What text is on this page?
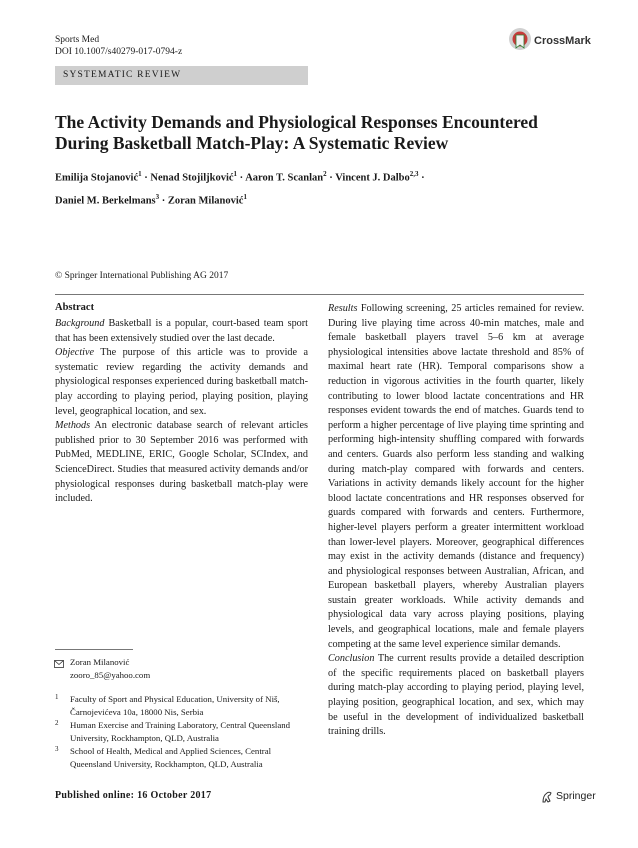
Sports Med
DOI 10.1007/s40279-017-0794-z
CrossMark
SYSTEMATIC REVIEW
The Activity Demands and Physiological Responses Encountered
During Basketball Match-Play: A Systematic Review
Emilija Stojanović$^1$ · Nenad Stojiljković$^1$ · Aaron T. Scanlan$^2$ · Vincent J. Dalbo$^{2,3}$ ·
Daniel M. Berkelmans$^3$ · Zoran Milanović$^1$
© Springer International Publishing AG 2017
Abstract

Background Basketball is a popular, court-based team sport that has been extensively studied over the last decade.

Objective The purpose of this article was to provide a systematic review regarding the activity demands and physiological responses experienced during basketball match-play according to playing period, playing position, playing level, geographical location, and sex.

Methods An electronic database search of relevant articles published prior to 30 September 2016 was performed with PubMed, MEDLINE, ERIC, Google Scholar, SCIndex, and ScienceDirect. Studies that measured activity demands and/or physiological responses during basketball match-play were included.

Results Following screening, 25 articles remained for review. During live playing time across 40-min matches, male and female basketball players travel 5–6 km at average physiological intensities above lactate threshold and 85% of maximal heart rate (HR). Temporal comparisons show a reduction in vigorous activities in the fourth quarter, likely contributing to lower blood lactate concentrations and HR responses evident towards the end of matches. Guards tend to perform a higher percentage of live playing time sprinting and performing high-intensity shuffling compared with forwards and centers. Guards also perform less standing and walking during match-play compared with forwards and centers. Variations in activity demands likely account for the higher blood lactate concentrations and HR responses observed for guards compared with forwards and centers. Furthermore, higher-level players perform a greater intermittent workload than lower-level players. Moreover, geographical differences may exist in the activity demands (distance and frequency) and physiological responses between Australian, African, and European basketball players, whereby Australian players sustain greater workloads. While activity demands and physiological data vary across playing positions, playing levels, and geographical locations, male and female players competing at the same level experience similar demands.

Conclusion The current results provide a detailed description of the specific requirements placed on basketball players during match-play according to playing period, playing level, playing position, geographical location, and sex, which may be useful in the development of individualized basketball training drills.

Zoran Milanović
zooro_85@yahoo.com
1 Faculty of Sport and Physical Education, University of Niš, Čarnojevićeva 10a, 18000 Nis, Serbia
2 Human Exercise and Training Laboratory, Central Queensland University, Rockhampton, QLD, Australia
3 School of Health, Medical and Applied Sciences, Central Queensland University, Rockhampton, QLD, Australia
Published online: 16 October 2017	Springer
